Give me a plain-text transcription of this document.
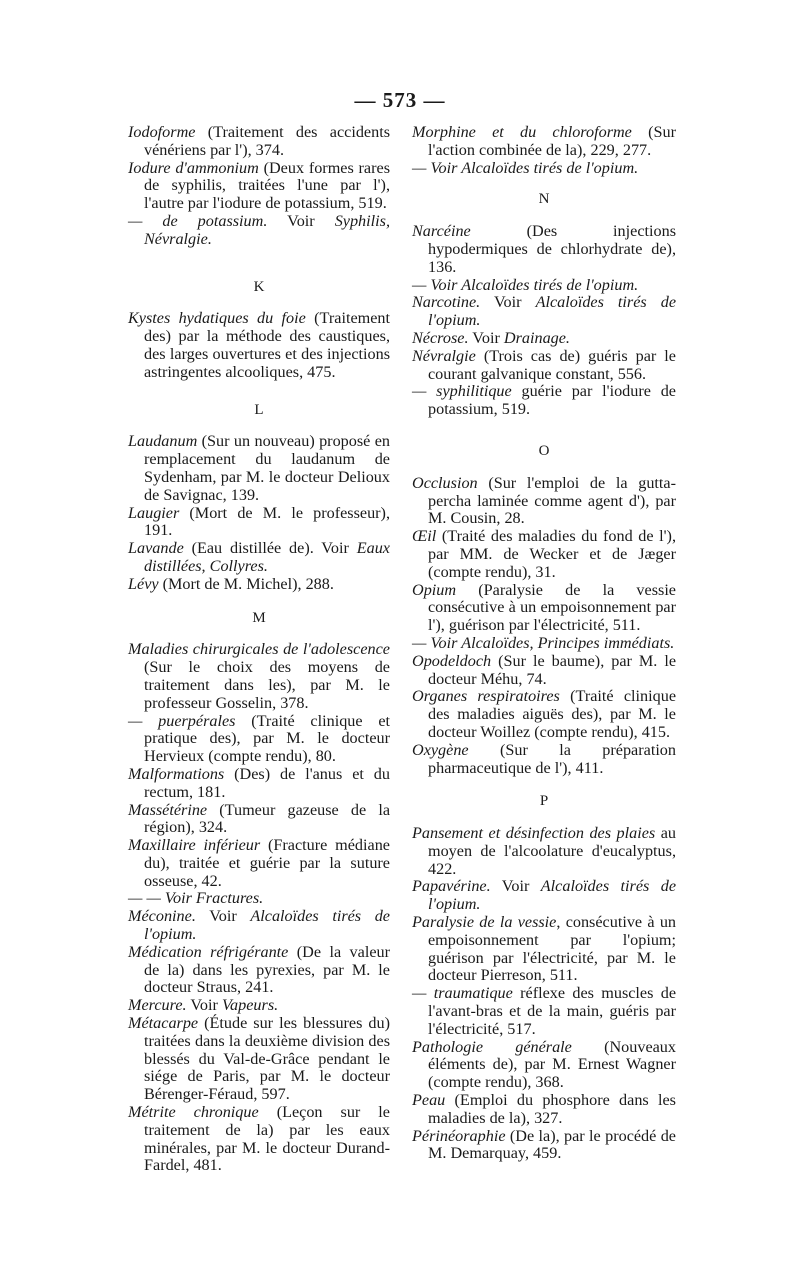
— 573 —

Iodoforme (Traitement des accidents vénériens par l'), 374.

Iodure d'ammonium (Deux formes rares de syphilis, traitées l'une par l'), l'autre par l'iodure de potassium, 519.

— de potassium. Voir Syphilis, Névralgie.

K

Kystes hydatiques du foie (Traitement des) par la méthode des caustiques, des larges ouvertures et des injections astringentes alcooliques, 475.

L

Laudanum (Sur un nouveau) proposé en remplacement du laudanum de Sydenham, par M. le docteur Delioux de Savignac, 139.

Laugier (Mort de M. le professeur), 191.

Lavande (Eau distillée de). Voir Eaux distillées, Collyres.

Lévy (Mort de M. Michel), 288.

M

Maladies chirurgicales de l'adolescence (Sur le choix des moyens de traitement dans les), par M. le professeur Gosselin, 378.

— puerpérales (Traité clinique et pratique des), par M. le docteur Hervieux (compte rendu), 80.

Malformations (Des) de l'anus et du rectum, 181.

Massétérine (Tumeur gazeuse de la région), 324.

Maxillaire inférieur (Fracture médiane du), traitée et guérie par la suture osseuse, 42.

— — Voir Fractures.

Méconine. Voir Alcaloïdes tirés de l'opium.

Médication réfrigérante (De la valeur de la) dans les pyrexies, par M. le docteur Straus, 241.

Mercure. Voir Vapeurs.

Métacarpe (Étude sur les blessures du) traitées dans la deuxième division des blessés du Val-de-Grâce pendant le siége de Paris, par M. le docteur Bérenger-Féraud, 597.

Métrite chronique (Leçon sur le traitement de la) par les eaux minérales, par M. le docteur Durand-Fardel, 481.

Morphine et du chloroforme (Sur l'action combinée de la), 229, 277.

— Voir Alcaloïdes tirés de l'opium.

N

Narcéine (Des injections hypodermiques de chlorhydrate de), 136.

— Voir Alcaloïdes tirés de l'opium.

Narcotine. Voir Alcaloïdes tirés de l'opium.

Nécrose. Voir Drainage.

Névralgie (Trois cas de) guéris par le courant galvanique constant, 556.

— syphilitique guérie par l'iodure de potassium, 519.

O

Occlusion (Sur l'emploi de la gutta-percha laminée comme agent d'), par M. Cousin, 28.

Œil (Traité des maladies du fond de l'), par MM. de Wecker et de Jæger (compte rendu), 31.

Opium (Paralysie de la vessie consécutive à un empoisonnement par l'), guérison par l'électricité, 511.

— Voir Alcaloïdes, Principes immédiats.

Opodeldoch (Sur le baume), par M. le docteur Méhu, 74.

Organes respiratoires (Traité clinique des maladies aiguës des), par M. le docteur Woillez (compte rendu), 415.

Oxygène (Sur la préparation pharmaceutique de l'), 411.

P

Pansement et désinfection des plaies au moyen de l'alcoolature d'eucalyptus, 422.

Papavérine. Voir Alcaloïdes tirés de l'opium.

Paralysie de la vessie, consécutive à un empoisonnement par l'opium; guérison par l'électricité, par M. le docteur Pierreson, 511.

— traumatique réflexe des muscles de l'avant-bras et de la main, guéris par l'électricité, 517.

Pathologie générale (Nouveaux éléments de), par M. Ernest Wagner (compte rendu), 368.

Peau (Emploi du phosphore dans les maladies de la), 327.

Périnéoraphie (De la), par le procédé de M. Demarquay, 459.
